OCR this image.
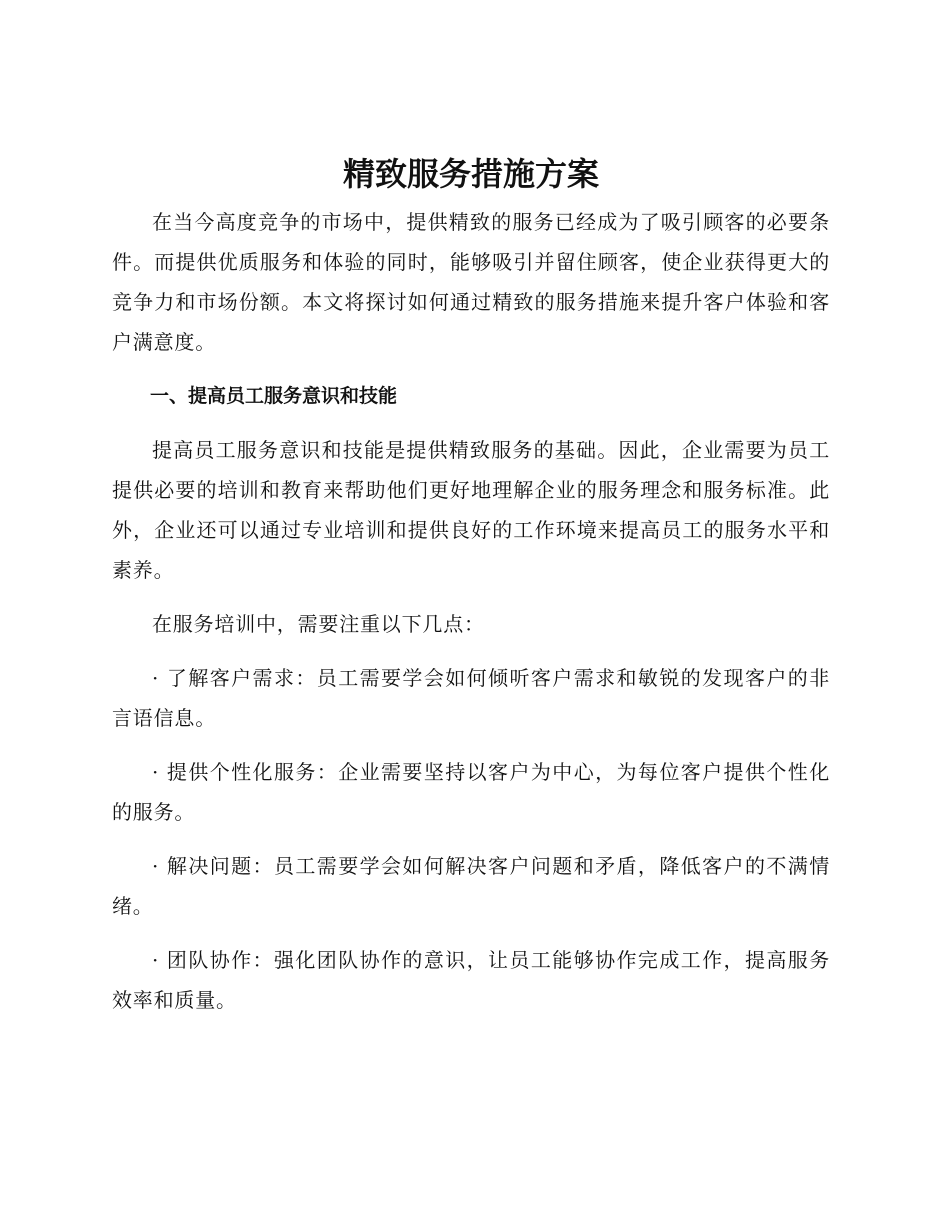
精致服务措施方案

在当今高度竞争的市场中，提供精致的服务已经成为了吸引顾客的必要条件。而提供优质服务和体验的同时，能够吸引并留住顾客，使企业获得更大的竞争力和市场份额。本文将探讨如何通过精致的服务措施来提升客户体验和客户满意度。

一、提高员工服务意识和技能

提高员工服务意识和技能是提供精致服务的基础。因此，企业需要为员工提供必要的培训和教育来帮助他们更好地理解企业的服务理念和服务标准。此外，企业还可以通过专业培训和提供良好的工作环境来提高员工的服务水平和素养。

在服务培训中，需要注重以下几点：

· 了解客户需求：员工需要学会如何倾听客户需求和敏锐的发现客户的非言语信息。

· 提供个性化服务：企业需要坚持以客户为中心，为每位客户提供个性化的服务。

· 解决问题：员工需要学会如何解决客户问题和矛盾，降低客户的不满情绪。

· 团队协作：强化团队协作的意识，让员工能够协作完成工作，提高服务效率和质量。
